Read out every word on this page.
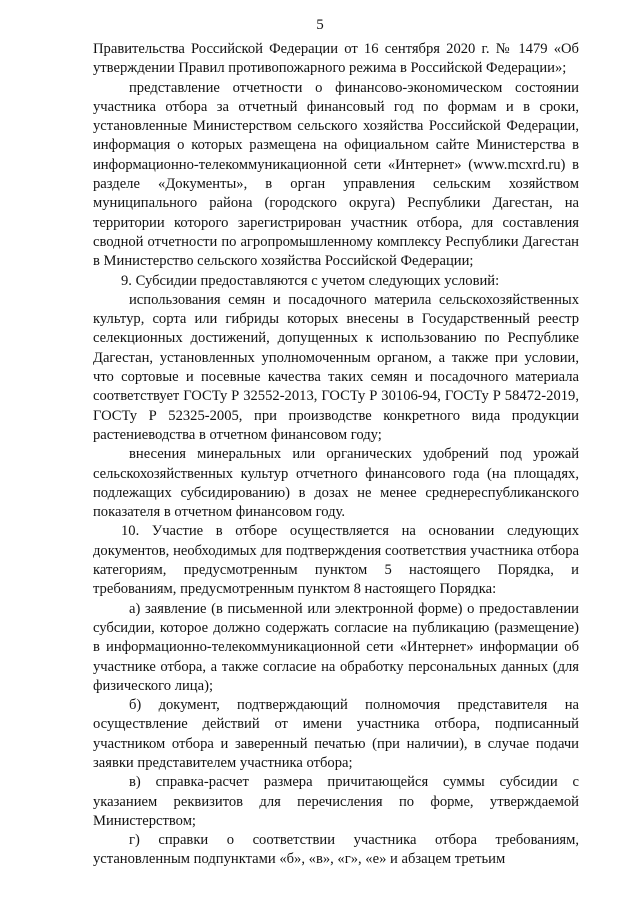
5

Правительства Российской Федерации от 16 сентября 2020 г. № 1479 «Об утверждении Правил противопожарного режима в Российской Федерации»;

представление отчетности о финансово-экономическом состоянии участника отбора за отчетный финансовый год по формам и в сроки, установленные Министерством сельского хозяйства Российской Федерации, информация о которых размещена на официальном сайте Министерства в информационно-телекоммуникационной сети «Интернет» (www.mcxrd.ru) в разделе «Документы», в орган управления сельским хозяйством муниципального района (городского округа) Республики Дагестан, на территории которого зарегистрирован участник отбора, для составления сводной отчетности по агропромышленному комплексу Республики Дагестан в Министерство сельского хозяйства Российской Федерации;

9. Субсидии предоставляются с учетом следующих условий:

использования семян и посадочного материла сельскохозяйственных культур, сорта или гибриды которых внесены в Государственный реестр селекционных достижений, допущенных к использованию по Республике Дагестан, установленных уполномоченным органом, а также при условии, что сортовые и посевные качества таких семян и посадочного материала соответствует ГОСТу Р 32552-2013, ГОСТу Р 30106-94, ГОСТу Р 58472-2019, ГОСТу Р 52325-2005, при производстве конкретного вида продукции растениеводства в отчетном финансовом году;

внесения минеральных или органических удобрений под урожай сельскохозяйственных культур отчетного финансового года (на площадях, подлежащих субсидированию) в дозах не менее среднереспубликанского показателя в отчетном финансовом году.

10. Участие в отборе осуществляется на основании следующих документов, необходимых для подтверждения соответствия участника отбора категориям, предусмотренным пунктом 5 настоящего Порядка, и требованиям, предусмотренным пунктом 8 настоящего Порядка:

а) заявление (в письменной или электронной форме) о предоставлении субсидии, которое должно содержать согласие на публикацию (размещение) в информационно-телекоммуникационной сети «Интернет» информации об участнике отбора, а также согласие на обработку персональных данных (для физического лица);

б) документ, подтверждающий полномочия представителя на осуществление действий от имени участника отбора, подписанный участником отбора и заверенный печатью (при наличии), в случае подачи заявки представителем участника отбора;

в) справка-расчет размера причитающейся суммы субсидии с указанием реквизитов для перечисления по форме, утверждаемой Министерством;

г) справки о соответствии участника отбора требованиям, установленным подпунктами «б», «в», «г», «е» и абзацем третьим
